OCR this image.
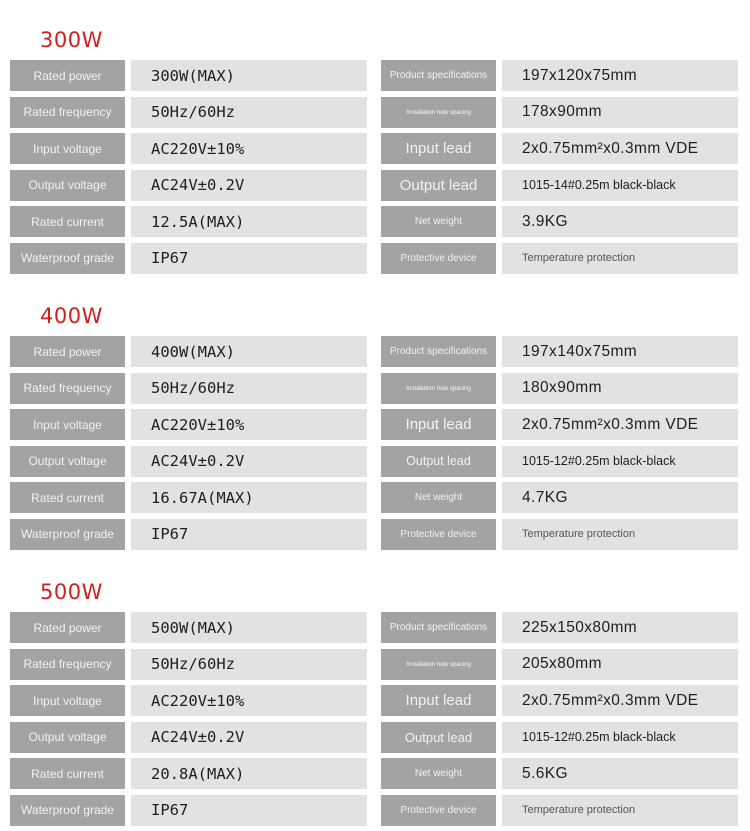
300W
Rated power	300W(MAX)	Product specifications	197x120x75mm
Rated frequency	50Hz/60Hz	Installation hole spacing	178x90mm
Input voltage	AC220V±10%	Input lead	2x0.75mm²x0.3mm VDE
Output voltage	AC24V±0.2V	Output lead	1015-14#0.25m black-black
Rated current	12.5A(MAX)	Net weight	3.9KG
Waterproof grade	IP67	Protective device	Temperature protection
400W
Rated power	400W(MAX)	Product specifications	197x140x75mm
Rated frequency	50Hz/60Hz	Installation hole spacing	180x90mm
Input voltage	AC220V±10%	Input lead	2x0.75mm²x0.3mm VDE
Output voltage	AC24V±0.2V	Output lead	1015-12#0.25m black-black
Rated current	16.67A(MAX)	Net weight	4.7KG
Waterproof grade	IP67	Protective device	Temperature protection
500W
Rated power	500W(MAX)	Product specifications	225x150x80mm
Rated frequency	50Hz/60Hz	Installation hole spacing	205x80mm
Input voltage	AC220V±10%	Input lead	2x0.75mm²x0.3mm VDE
Output voltage	AC24V±0.2V	Output lead	1015-12#0.25m black-black
Rated current	20.8A(MAX)	Net weight	5.6KG
Waterproof grade	IP67	Protective device	Temperature protection
